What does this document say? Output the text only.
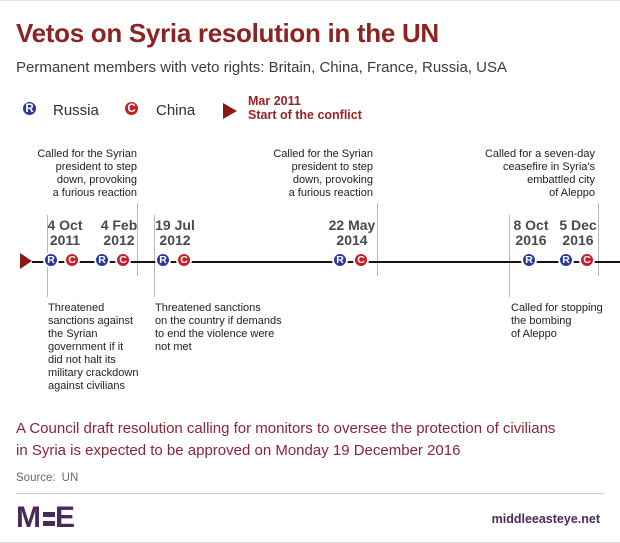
Vetos on Syria resolution in the UN
Permanent members with veto rights: Britain, China, France, Russia, USA
R Russia	C China
Mar 2011
Start of the conflict
Called for the Syrian
president to step
down, provoking
a furious reaction
Called for the Syrian
president to step
down, provoking
a furious reaction
Called for a seven-day
ceasefire in Syria's
embattled city
of Aleppo
4 Oct
2011
4 Feb
2012
19 Jul
2012
22 May
2014
8 Oct
2016
5 Dec
2016
R	C	R	C	R	C	R	C	R	R	C
Threatened
sanctions against
the Syrian
government if it
did not halt its
military crackdown
against civilians
Threatened sanctions
on the country if demands
to end the violence were
not met
Called for stopping
the bombing
of Aleppo
A Council draft resolution calling for monitors to oversee the protection of civilians
in Syria is expected to be approved on Monday 19 December 2016
Source: UN
M E	middleeasteye.net
